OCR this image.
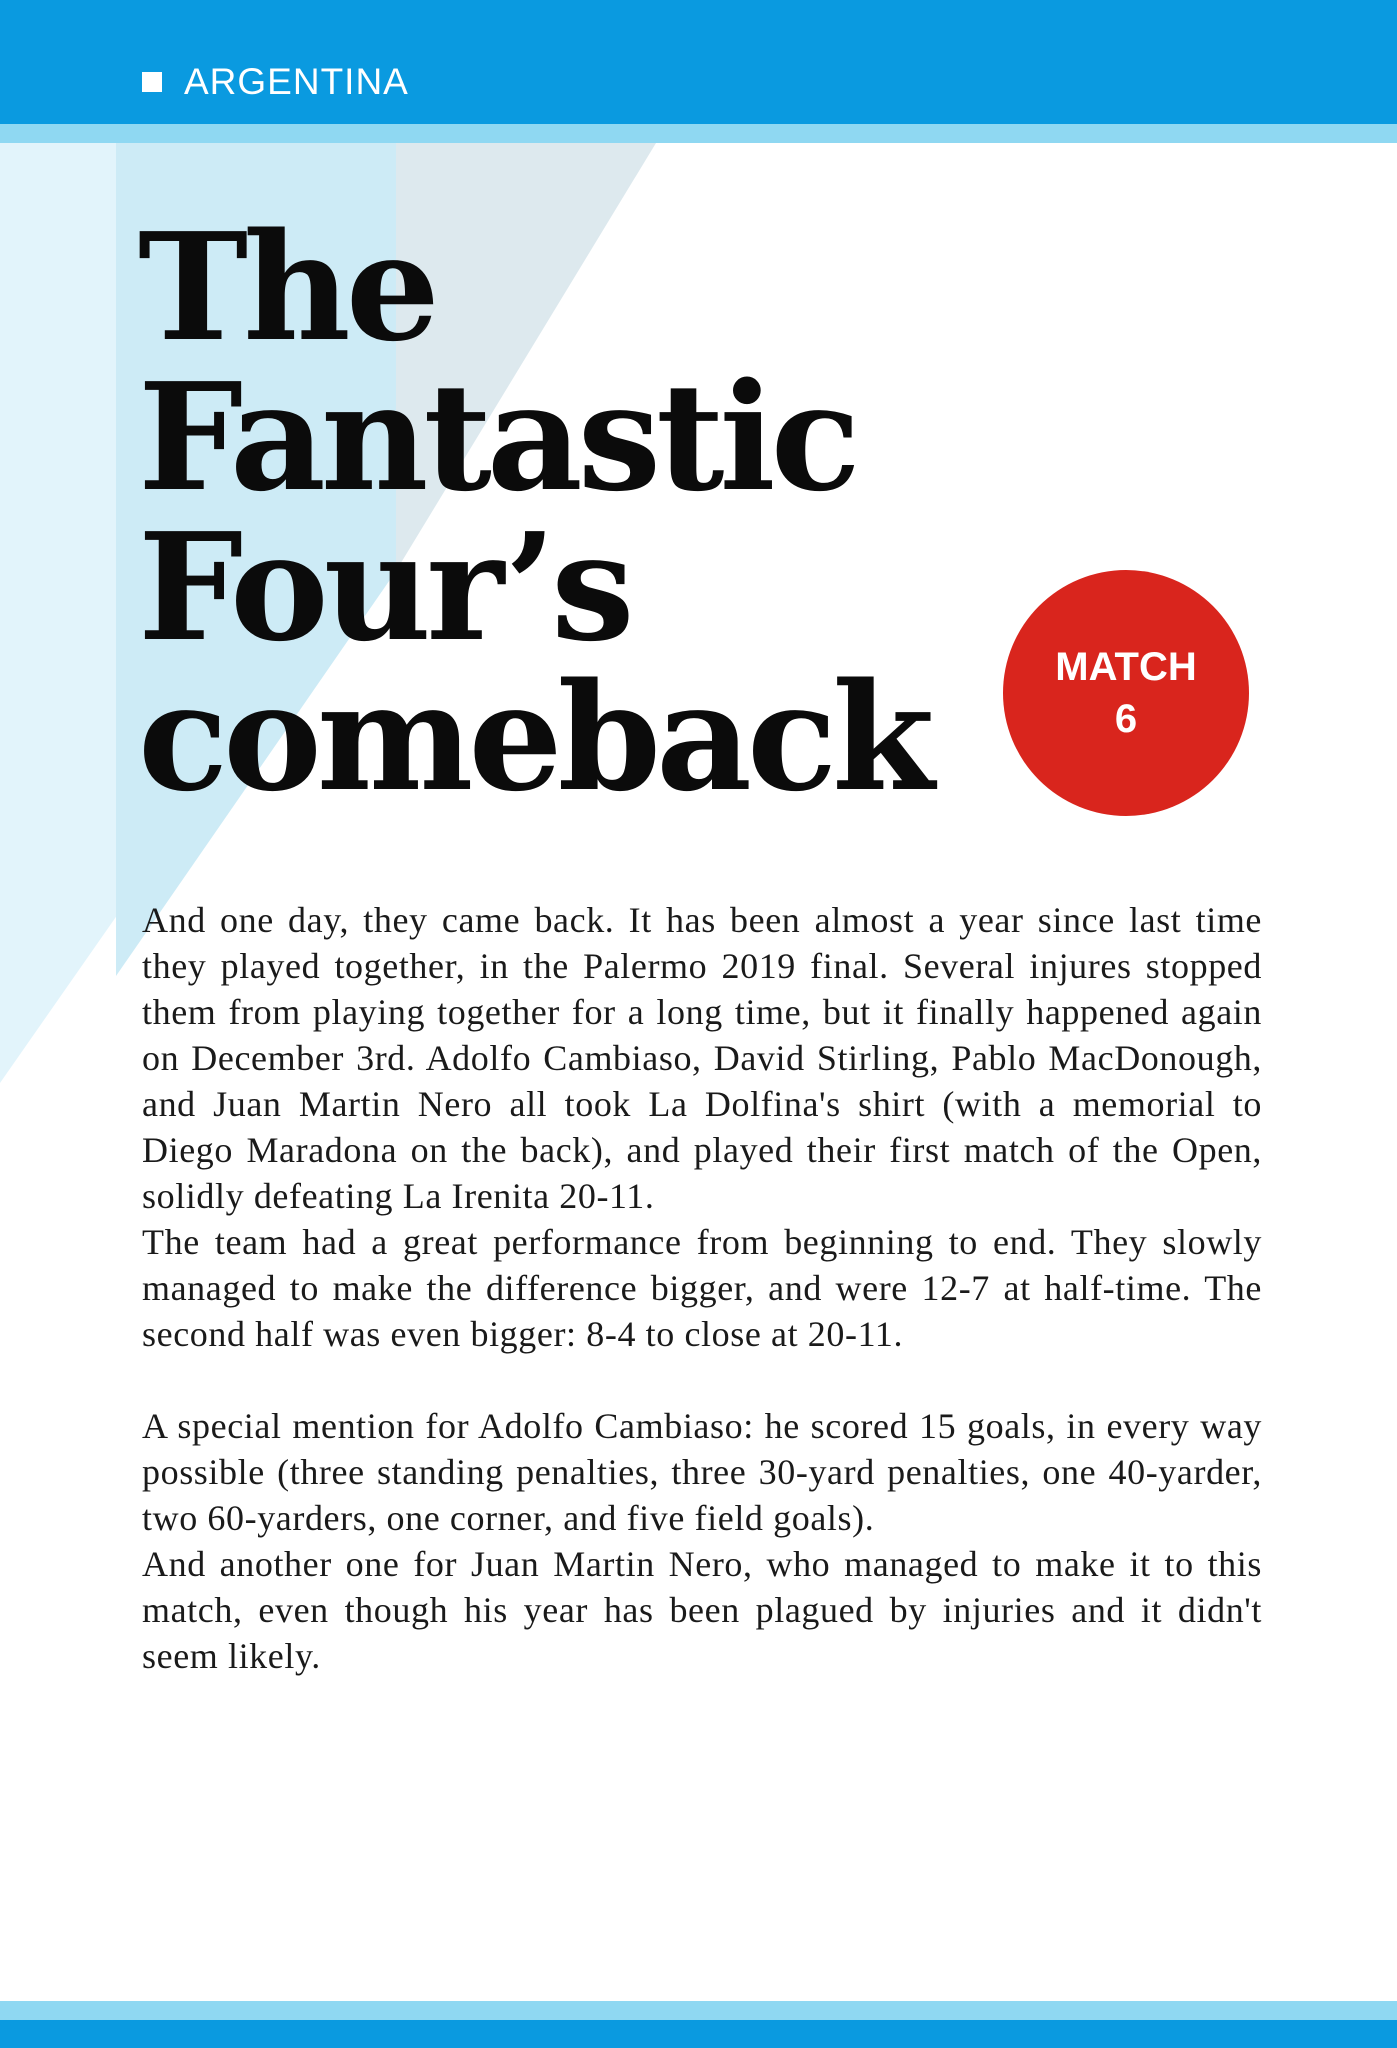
ARGENTINA
The
Fantastic
Four’s
comeback	MATCH
6

And one day, they came back. It has been almost a year since last time they played together, in the Palermo 2019 final. Several injures stopped them from playing together for a long time, but it finally happened again on December 3rd. Adolfo Cambiaso, David Stirling, Pablo MacDonough, and Juan Martin Nero all took La Dolfina's shirt (with a memorial to Diego Maradona on the back), and played their first match of the Open, solidly defeating La Irenita 20-11.

The team had a great performance from beginning to end. They slowly managed to make the difference bigger, and were 12-7 at half-time. The second half was even bigger: 8-4 to close at 20-11.

A special mention for Adolfo Cambiaso: he scored 15 goals, in every way possible (three standing penalties, three 30-yard penalties, one 40-yarder, two 60-yarders, one corner, and five field goals).

And another one for Juan Martin Nero, who managed to make it to this match, even though his year has been plagued by injuries and it didn't seem likely.
